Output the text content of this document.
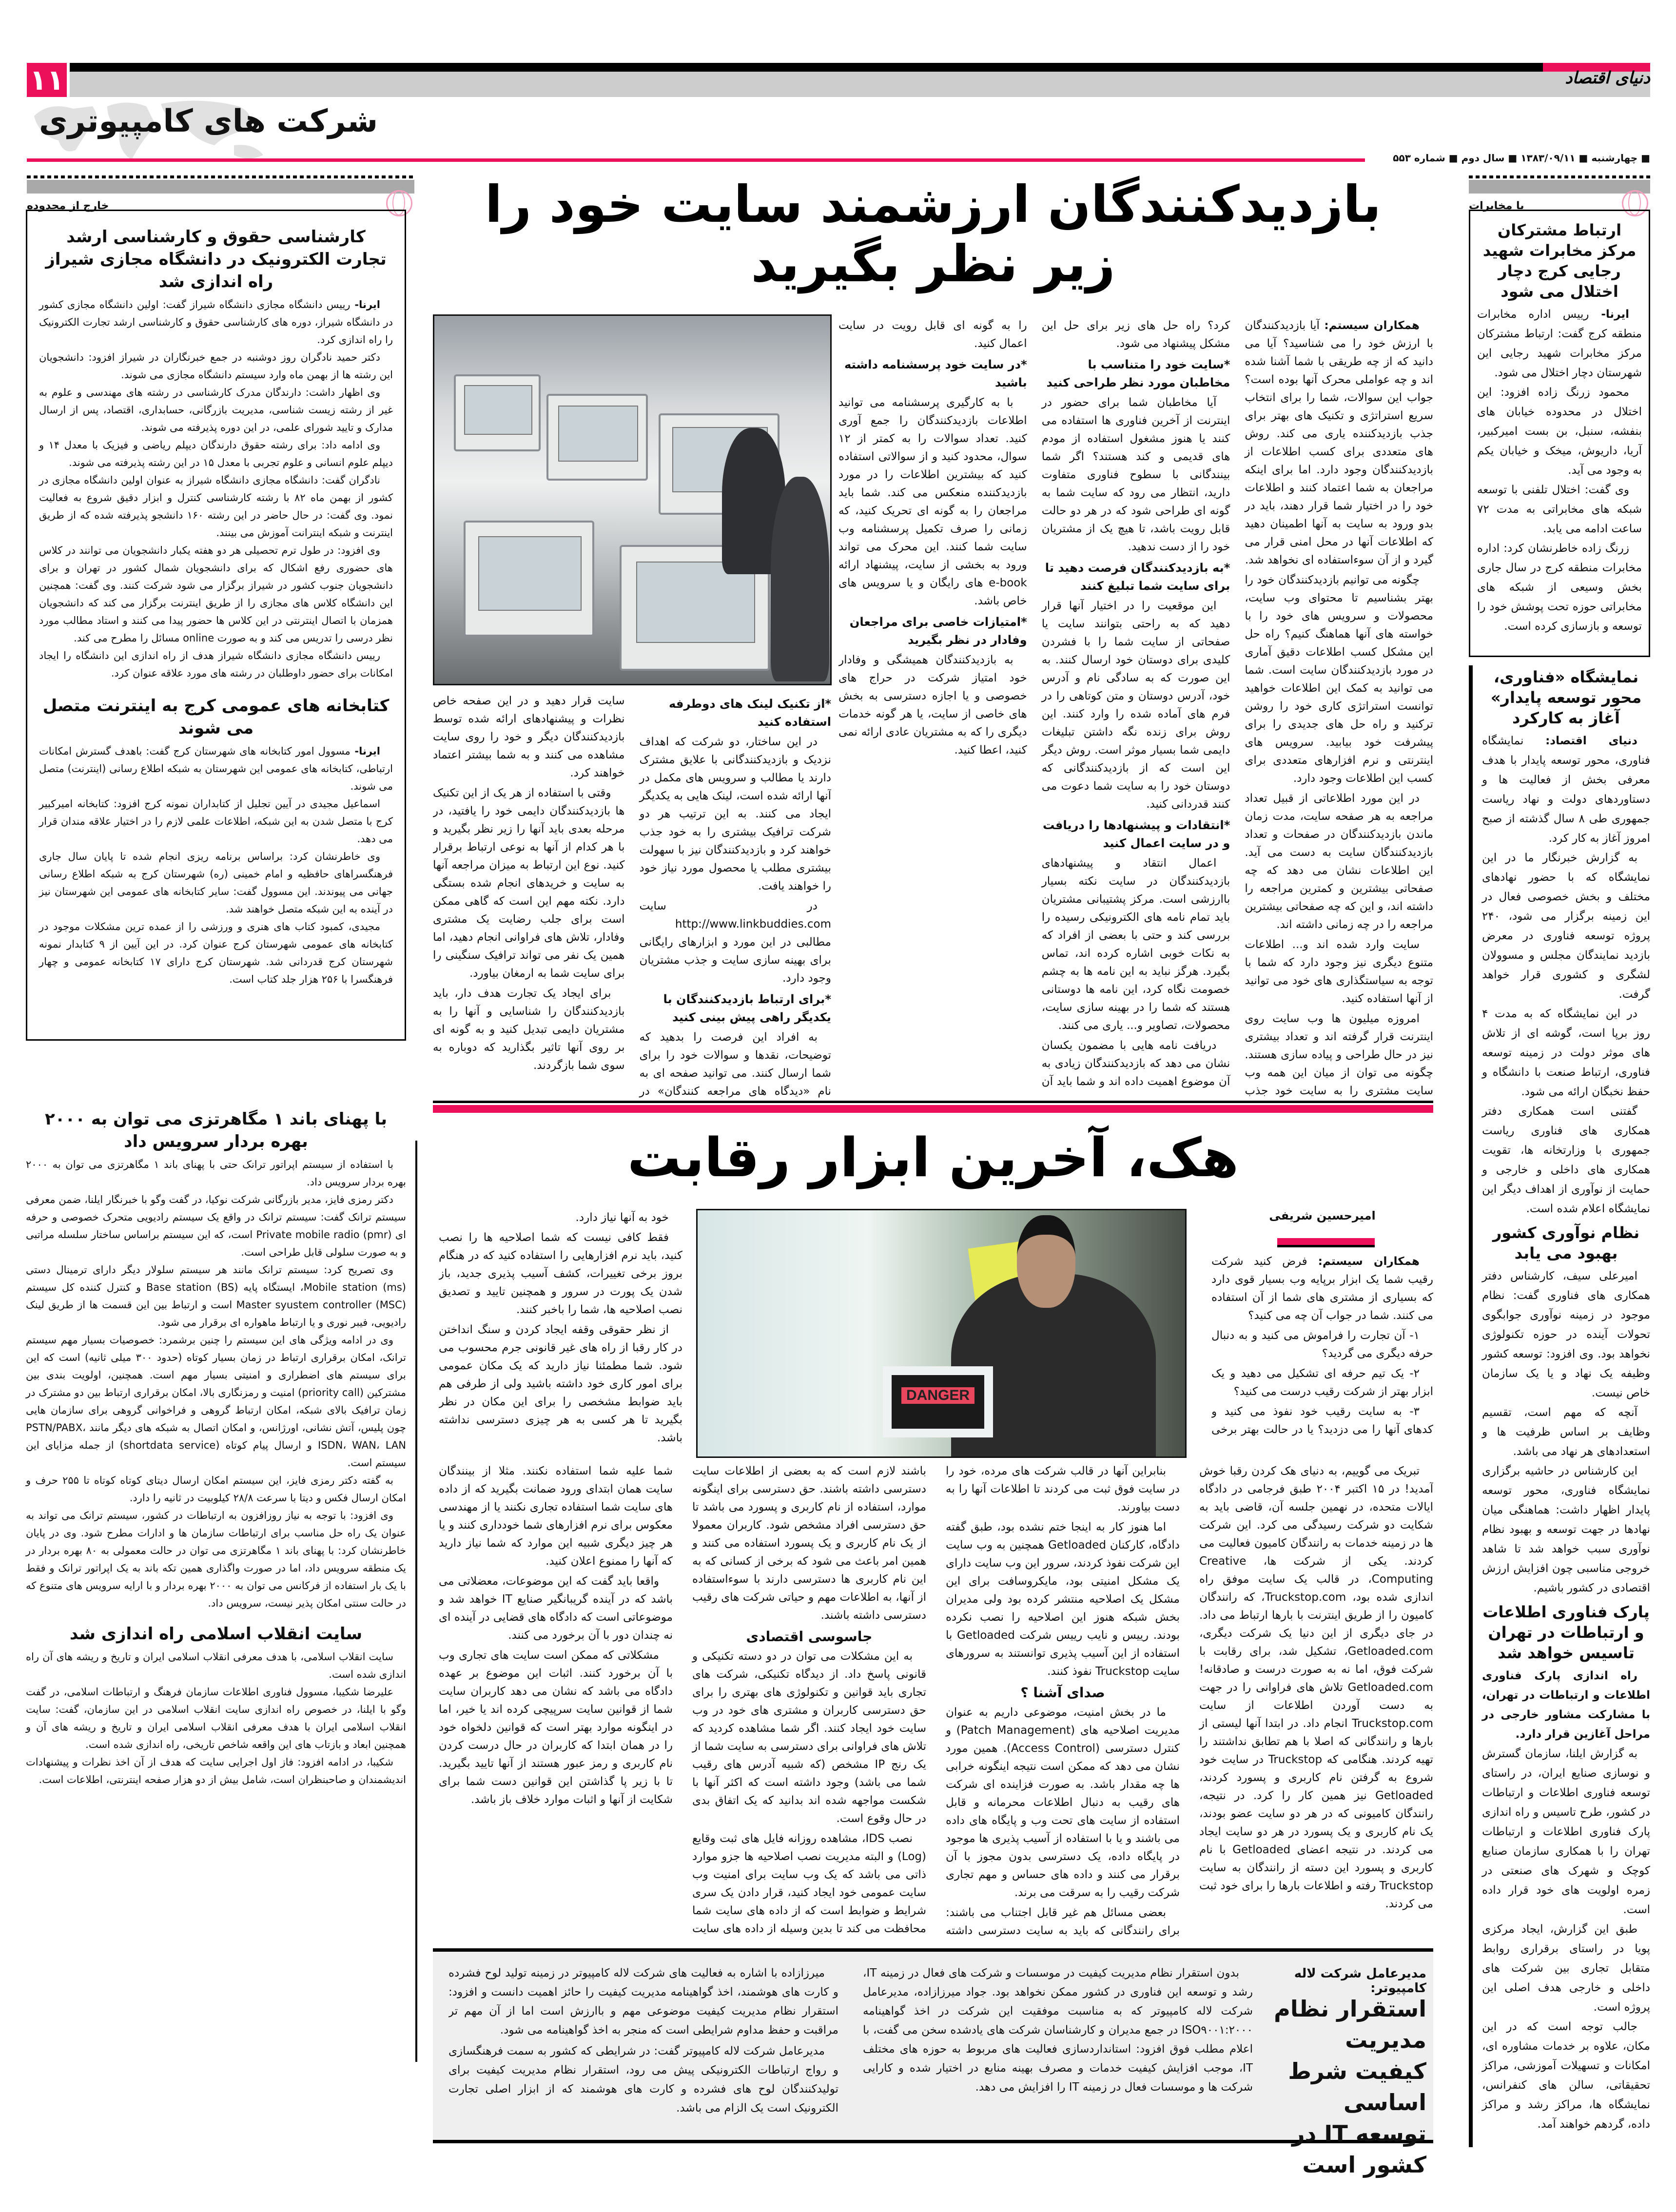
۱۱	دنیای اقتصاد
شرکت های کامپیوتری
■ چهارشنبه ■ ۱۳۸۳/۰۹/۱۱ ■ سال دوم ■ شماره ۵۵۳
خارج از محدوده	با مخابرات
بازدیدکنندگان ارزشمند سایت خود را
زیر نظر بگیرید

همکاران سیستم: آیا بازدیدکنندگان با ارزش خود را می شناسید؟ آیا می دانید که از چه طریقی با شما آشنا شده اند و چه عواملی محرک آنها بوده است؟ جواب این سوالات، شما را برای انتخاب سریع استراتژی و تکنیک های بهتر برای جذب بازدیدکننده یاری می کند. روش های متعددی برای کسب اطلاعات از بازدیدکنندگان وجود دارد. اما برای اینکه مراجعان به شما اعتماد کنند و اطلاعات خود را در اختیار شما قرار دهند، باید در بدو ورود به سایت به آنها اطمینان دهید که اطلاعات آنها در محل امنی قرار می گیرد و از آن سوءاستفاده ای نخواهد شد.

چگونه می توانیم بازدیدکنندگان خود را بهتر بشناسیم تا محتوای وب سایت، محصولات و سرویس های خود را با خواسته های آنها هماهنگ کنیم؟ راه حل این مشکل کسب اطلاعات دقیق آماری در مورد بازدیدکنندگان سایت است. شما می توانید به کمک این اطلاعات خواهید توانست استراتژی کاری خود را روشن ترکنید و راه حل های جدیدی را برای پیشرفت خود بیابید. سرویس های اینترنتی و نرم افزارهای متعددی برای کسب این اطلاعات وجود دارد.

در این مورد اطلاعاتی از قبیل تعداد مراجعه به هر صفحه سایت، مدت زمان ماندن بازدیدکنندگان در صفحات و تعداد بازدیدکنندگان سایت به دست می آید. این اطلاعات نشان می دهد که چه صفحاتی بیشترین و کمترین مراجعه را داشته اند، و این که چه صفحاتی بیشترین مراجعه را در چه زمانی داشته اند.

سایت وارد شده اند و... اطلاعات متنوع دیگری نیز وجود دارد که شما با توجه به سیاستگذاری های خود می توانید از آنها استفاده کنید.

امروزه میلیون ها وب سایت روی اینترنت قرار گرفته اند و تعداد بیشتری نیز در حال طراحی و پیاده سازی هستند. چگونه می توان از میان این همه وب سایت مشتری را به سایت خود جذب کرد؟ راه حل های زیر برای حل این مشکل پیشنهاد می شود.

*سایت خود را متناسب با مخاطبان مورد نظر طراحی کنید

آیا مخاطبان شما برای حضور در اینترنت از آخرین فناوری ها استفاده می کنند یا هنوز مشغول استفاده از مودم های قدیمی و کند هستند؟ اگر شما بینندگانی با سطوح فناوری متفاوت دارید، انتظار می رود که سایت شما به گونه ای طراحی شود که در هر دو حالت قابل رویت باشد، تا هیچ یک از مشتریان خود را از دست ندهید.

*به بازدیدکنندگان فرصت دهید تا برای سایت شما تبلیغ کنند

این موقعیت را در اختیار آنها قرار دهید که به راحتی بتوانند سایت یا صفحاتی از سایت شما را با فشردن کلیدی برای دوستان خود ارسال کنند. به این صورت که به سادگی نام و آدرس خود، آدرس دوستان و متن کوتاهی را در فرم های آماده شده را وارد کنند. این روش برای زنده نگه داشتن تبلیغات دایمی شما بسیار موثر است. روش دیگر این است که از بازدیدکنندگانی که دوستان خود را به سایت شما دعوت می کنند قدردانی کنید.

*انتقادات و پیشنهادها را دریافت و در سایت اعمال کنید

اعمال انتقاد و پیشنهادهای بازدیدکنندگان در سایت نکته بسیار باارزشی است. مرکز پشتیبانی مشتریان باید تمام نامه های الکترونیکی رسیده را بررسی کند و حتی با بعضی از افراد که به نکات خوبی اشاره کرده اند، تماس بگیرد. هرگز نباید به این نامه ها به چشم خصومت نگاه کرد، این نامه ها دوستانی هستند که شما را در بهینه سازی سایت، محصولات، تصاویر و... یاری می کنند.

دریافت نامه هایی با مضمون یکسان نشان می دهد که بازدیدکنندگان زیادی به آن موضوع اهمیت داده اند و شما باید آن را به گونه ای قابل رویت در سایت اعمال کنید.

*در سایت خود پرسشنامه داشته باشید

با به کارگیری پرسشنامه می توانید اطلاعات بازدیدکنندگان را جمع آوری کنید. تعداد سوالات را به کمتر از ۱۲ سوال، محدود کنید و از سوالاتی استفاده کنید که بیشترین اطلاعات را در مورد بازدیدکننده منعکس می کند. شما باید مراجعان را به گونه ای تحریک کنید، که زمانی را صرف تکمیل پرسشنامه وب سایت شما کنند. این محرک می تواند ورود به بخشی از سایت، پیشنهاد ارائه e-book های رایگان و یا سرویس های خاص باشد.

*امتیازات خاصی برای مراجعان وفادار در نظر بگیرید

به بازدیدکنندگان همیشگی و وفادار خود امتیاز شرکت در حراج های خصوصی و یا اجازه دسترسی به بخش های خاصی از سایت، یا هر گونه خدمات دیگری را که به مشتریان عادی ارائه نمی کنید، اعطا کنید.

*از تکنیک لینک های دوطرفه استفاده کنید

در این ساختار، دو شرکت که اهداف نزدیک و بازدیدکنندگانی با علایق مشترک دارند یا مطالب و سرویس های مکمل در آنها ارائه شده است، لینک هایی به یکدیگر ایجاد می کنند. به این ترتیب هر دو شرکت ترافیک بیشتری را به خود جذب خواهند کرد و بازدیدکنندگان نیز با سهولت بیشتری مطلب یا محصول مورد نیاز خود را خواهند یافت.

در سایت http://www.linkbuddies.com مطالبی در این مورد و ابزارهای رایگانی برای بهینه سازی سایت و جذب مشتریان وجود دارد.

*برای ارتباط بازدیدکنندگان با یکدیگر راهی پیش بینی کنید

به افراد این فرصت را بدهید که توضیحات، نقدها و سوالات خود را برای شما ارسال کنند. می توانید صفحه ای به نام «دیدگاه های مراجعه کنندگان» در سایت قرار دهید و در این صفحه خاص نظرات و پیشنهادهای ارائه شده توسط بازدیدکنندگان دیگر و خود را روی سایت مشاهده می کنند و به شما بیشتر اعتماد خواهند کرد.

وقتی با استفاده از هر یک از این تکنیک ها بازدیدکنندگان دایمی خود را یافتید، در مرحله بعدی باید آنها را زیر نظر بگیرید و با هر کدام از آنها به نوعی ارتباط برقرار کنید. نوع این ارتباط به میزان مراجعه آنها به سایت و خریدهای انجام شده بستگی دارد. نکته مهم این است که گاهی ممکن است برای جلب رضایت یک مشتری وفادار، تلاش های فراوانی انجام دهید، اما همین یک نفر می تواند ترافیک سنگینی را برای سایت شما به ارمغان بیاورد.

برای ایجاد یک تجارت هدف دار، باید بازدیدکنندگان را شناسایی و آنها را به مشتریان دایمی تبدیل کنید و به گونه ای بر روی آنها تاثیر بگذارید که دوباره به سوی شما بازگردند.

هک، آخرین ابزار رقابت
امیرحسین شریفی

همکاران سیستم: فرض کنید شرکت رقیب شما یک ابزار برپایه وب بسیار قوی دارد که بسیاری از مشتری های شما از آن استفاده می کنند. شما در جواب آن چه می کنید؟

۱- آن تجارت را فراموش می کنید و به دنبال حرفه دیگری می گردید؟

۲- یک تیم حرفه ای تشکیل می دهید و یک ابزار بهتر از شرکت رقیب درست می کنید؟

۳- به سایت رقیب خود نفوذ می کنید و کدهای آنها را می دزدید؟ یا در حالت بهتر برخی

DANGER

خود به آنها نیاز دارد.

فقط کافی نیست که شما اصلاحیه ها را نصب کنید، باید نرم افزارهایی را استفاده کنید که در هنگام بروز برخی تغییرات، کشف آسیب پذیری جدید، باز شدن یک پورت در سرور و همچنین تایید و تصدیق نصب اصلاحیه ها، شما را باخبر کنند.

از نظر حقوقی وقفه ایجاد کردن و سنگ انداختن در کار رقبا از راه های غیر قانونی جرم محسوب می شود. شما مطمئنا نیاز دارید که یک مکان عمومی برای امور کاری خود داشته باشید ولی از طرفی هم باید ضوابط مشخصی را برای این مکان در نظر بگیرید تا هر کسی به هر چیزی دسترسی نداشته باشد.

تبریک می گوییم، به دنیای هک کردن رقبا خوش آمدید! در ۱۵ اکتبر ۲۰۰۴ طبق فرجامی در دادگاه ایالات متحده، در نهمین جلسه آن، قاضی باید به شکایت دو شرکت رسیدگی می کرد. این شرکت ها در زمینه خدمات به رانندگان کامیون فعالیت می کردند. یکی از شرکت ها، Creative Computing، در قالب یک سایت موفق راه اندازی شده بود، Truckstop.com، که رانندگان کامیون را از طریق اینترنت با بارها ارتباط می داد. در جای دیگری از این دنیا یک شرکت دیگری، Getloaded.com، تشکیل شد، برای رقابت با شرکت فوق، اما نه به صورت درست و صادقانه! Getloaded.com تلاش های فراوانی را در جهت به دست آوردن اطلاعات از سایت Truckstop.com انجام داد. در ابتدا آنها لیستی از بارها و رانندگانی که اصلا با هم تطابق نداشتند را تهیه کردند. هنگامی که Truckstop در سایت خود شروع به گرفتن نام کاربری و پسورد کردند، Getloaded نیز همین کار را کرد. در نتیجه، رانندگان کامیونی که در هر دو سایت عضو بودند، یک نام کاربری و یک پسورد در هر دو سایت ایجاد می کردند. در نتیجه اعضای Getloaded با نام کاربری و پسورد این دسته از رانندگان به سایت Truckstop رفته و اطلاعات بارها را برای خود ثبت می کردند.

بنابراین آنها در قالب شرکت های مرده، خود را در سایت فوق ثبت می کردند تا اطلاعات آنها را به دست بیاورند.

اما هنوز کار به اینجا ختم نشده بود، طبق گفته دادگاه، کارکنان Getloaded همچنین به وب سایت این شرکت نفوذ کردند، سرور این وب سایت دارای یک مشکل امنیتی بود، مایکروسافت برای این مشکل یک اصلاحیه منتشر کرده بود ولی مدیران بخش شبکه هنوز این اصلاحیه را نصب نکرده بودند. رییس و نایب رییس شرکت Getloaded با استفاده از این آسیب پذیری توانستند به سرورهای سایت Truckstop نفوذ کنند.

صدای آشنا ؟

ما در بخش امنیت، موضوعی داریم به عنوان مدیریت اصلاحیه های (Patch Management) و کنترل دسترسی (Access Control). همین مورد نشان می دهد که ممکن است نتیجه اینگونه خرابی ها چه مقدار باشد. به صورت فزاینده ای شرکت های رقیب به دنبال اطلاعات محرمانه و قابل استفاده از سایت های تحت وب و پایگاه های داده می باشند و یا با استفاده از آسیب پذیری ها موجود در پایگاه داده، یک دسترسی بدون مجوز با آن برقرار می کنند و داده های حساس و مهم تجاری شرکت رقیب را به سرقت می برند.

بعضی مسائل هم غیر قابل اجتناب می باشند: برای رانندگانی که باید به سایت دسترسی داشته باشند لازم است که به بعضی از اطلاعات سایت دسترسی داشته باشند. حق دسترسی برای اینگونه موارد، استفاده از نام کاربری و پسورد می باشد تا حق دسترسی افراد مشخص شود. کاربران معمولا از یک نام کاربری و یک پسورد استفاده می کنند و همین امر باعث می شود که برخی از کسانی که به این نام کاربری ها دسترسی دارند با سوءاستفاده از آنها، به اطلاعات مهم و حیاتی شرکت های رقیب دسترسی داشته باشند.

جاسوسی اقتصادی

به این مشکلات می توان در دو دسته تکنیکی و قانونی پاسخ داد. از دیدگاه تکنیکی، شرکت های تجاری باید قوانین و تکنولوژی های بهتری را برای حق دسترسی کاربران و مشتری های خود در وب سایت خود ایجاد کنند. اگر شما مشاهده کردید که تلاش های فراوانی برای دسترسی به سایت شما از یک رنج IP مشخص (که شبیه آدرس های رقیب شما می باشد) وجود داشته است که اکثر آنها با شکست مواجهه شده اند بدانید که یک اتفاق بدی در حال وقوع است.

نصب IDS، مشاهده روزانه فایل های ثبت وقایع (Log) و البته مدیریت نصب اصلاحیه ها جزو موارد ذاتی می باشد که یک وب سایت برای امنیت وب سایت عمومی خود ایجاد کنید، قرار دادن یک سری شرایط و ضوابط است که از داده های سایت شما محافظت می کند تا بدین وسیله از داده های سایت شما علیه شما استفاده نکنند. مثلا از بینندگان سایت همان ابتدای ورود ضمانت بگیرید که از داده های سایت شما استفاده تجاری نکنند یا از مهندسی معکوس برای نرم افزارهای شما خودداری کنند و یا هر چیز دیگری شبیه این موارد که شما نیاز دارید که آنها را ممنوع اعلان کنید.

واقعا باید گفت که این موضوعات، معضلاتی می باشد که در آینده گریبانگیر صنایع IT خواهد شد و موضوعاتی است که دادگاه های قضایی در آینده ای نه چندان دور با آن برخورد می کنند.

مشکلاتی که ممکن است سایت های تجاری وب با آن برخورد کنند. اثبات این موضوع بر عهده دادگاه می باشد که نشان می دهد کاربران سایت شما از قوانین سایت سرپیچی کرده اند یا خیر، اما در اینگونه موارد بهتر است که قوانین دلخواه خود را در همان ابتدا که کاربران در حال درست کردن نام کاربری و رمز عبور هستند از آنها تایید بگیرید. تا با زیر پا گذاشتن این قوانین دست شما برای شکایت از آنها و اثبات موارد خلاف باز باشد.

مدیرعامل شرکت لاله کامپیوتر:
استقرار نظام مدیریت کیفیت شرط اساسی توسعه IT در کشور است

بدون استقرار نظام مدیریت کیفیت در موسسات و شرکت های فعال در زمینه IT، رشد و توسعه این فناوری در کشور ممکن نخواهد بود. جواد میرزازاده، مدیرعامل شرکت لاله کامپیوتر که به مناسبت موفقیت این شرکت در اخذ گواهینامه ISO۹۰۰۱:۲۰۰۰ در جمع مدیران و کارشناسان شرکت های یادشده سخن می گفت، با اعلام مطلب فوق افزود: استانداردسازی فعالیت های مربوط به حوزه های مختلف IT، موجب افزایش کیفیت خدمات و مصرف بهینه منابع در اختیار شده و کارایی شرکت ها و موسسات فعال در زمینه IT را افزایش می دهد.

میرزازاده با اشاره به فعالیت های شرکت لاله کامپیوتر در زمینه تولید لوح فشرده و کارت های هوشمند، اخذ گواهینامه مدیریت کیفیت را حائز اهمیت دانست و افزود: استقرار نظام مدیریت کیفیت موضوعی مهم و باارزش است اما از آن مهم تر مراقبت و حفظ مداوم شرایطی است که منجر به اخذ گواهینامه می شود.

مدیرعامل شرکت لاله کامپیوتر گفت: در شرایطی که کشور به سمت فرهنگسازی و رواج ارتباطات الکترونیکی پیش می رود، استقرار نظام مدیریت کیفیت برای تولیدکنندگان لوح های فشرده و کارت های هوشمند که از ابزار اصلی تجارت الکترونیک است یک الزام می باشد.

کارشناسی حقوق و کارشناسی ارشد تجارت الکترونیک در دانشگاه مجازی شیراز راه اندازی شد

ایرنا- رییس دانشگاه مجازی دانشگاه شیراز گفت: اولین دانشگاه مجازی کشور در دانشگاه شیراز، دوره های کارشناسی حقوق و کارشناسی ارشد تجارت الکترونیک را راه اندازی کرد.

دکتر حمید نادگران روز دوشنبه در جمع خبرنگاران در شیراز افزود: دانشجویان این رشته ها از بهمن ماه وارد سیستم دانشگاه مجازی می شوند.

وی اظهار داشت: دارندگان مدرک کارشناسی در رشته های مهندسی و علوم به غیر از رشته زیست شناسی، مدیریت بازرگانی، حسابداری، اقتصاد، پس از ارسال مدارک و تایید شورای علمی، در این دوره پذیرفته می شوند.

وی ادامه داد: برای رشته حقوق دارندگان دیپلم ریاضی و فیزیک با معدل ۱۴ و دیپلم علوم انسانی و علوم تجربی با معدل ۱۵ در این رشته پذیرفته می شوند.

نادگران گفت: دانشگاه مجازی دانشگاه شیراز به عنوان اولین دانشگاه مجازی در کشور از بهمن ماه ۸۲ با رشته کارشناسی کنترل و ابزار دقیق شروع به فعالیت نمود. وی گفت: در حال حاضر در این رشته ۱۶۰ دانشجو پذیرفته شده که از طریق اینترنت و شبکه اینترانت آموزش می بینند.

وی افزود: در طول ترم تحصیلی هر دو هفته یکبار دانشجویان می توانند در کلاس های حضوری رفع اشکال که برای دانشجویان شمال کشور در تهران و برای دانشجویان جنوب کشور در شیراز برگزار می شود شرکت کنند. وی گفت: همچنین این دانشگاه کلاس های مجازی را از طریق اینترنت برگزار می کند که دانشجویان همزمان با اتصال اینترنتی در این کلاس ها حضور پیدا می کنند و استاد مطالب مورد نظر درسی را تدریس می کند و به صورت online مسائل را مطرح می کند.

رییس دانشگاه مجازی دانشگاه شیراز هدف از راه اندازی این دانشگاه را ایجاد امکانات برای حضور داوطلبان در رشته های مورد علاقه عنوان کرد.

کتابخانه های عمومی کرج به اینترنت متصل می شوند

ایرنا- مسوول امور کتابخانه های شهرستان کرج گفت: باهدف گسترش امکانات ارتباطی، کتابخانه های عمومی این شهرستان به شبکه اطلاع رسانی (اینترنت) متصل می شوند.

اسماعیل مجیدی در آیین تجلیل از کتابداران نمونه کرج افزود: کتابخانه امیرکبیر کرج با متصل شدن به این شبکه، اطلاعات علمی لازم را در اختیار علاقه مندان قرار می دهد.

وی خاطرنشان کرد: براساس برنامه ریزی انجام شده تا پایان سال جاری فرهنگسراهای حافظیه و امام خمینی (ره) شهرستان کرج به شبکه اطلاع رسانی جهانی می پیوندند. این مسوول گفت: سایر کتابخانه های عمومی این شهرستان نیز در آینده به این شبکه متصل خواهند شد.

مجیدی، کمبود کتاب های هنری و ورزشی را از عمده ترین مشکلات موجود در کتابخانه های عمومی شهرستان کرج عنوان کرد. در این آیین از ۹ کتابدار نمونه شهرستان کرج قدردانی شد. شهرستان کرج دارای ۱۷ کتابخانه عمومی و چهار فرهنگسرا با ۲۵۶ هزار جلد کتاب است.

با پهنای باند ۱ مگاهرتزی می توان به ۲۰۰۰ بهره بردار سرویس داد

با استفاده از سیستم اپراتور ترانک حتی با پهنای باند ۱ مگاهرتزی می توان به ۲۰۰۰ بهره بردار سرویس داد.

دکتر رمزی فایز، مدیر بازرگانی شرکت نوکیا، در گفت وگو با خبرنگار ایلنا، ضمن معرفی سیستم ترانک گفت: سیستم ترانک در واقع یک سیستم رادیویی متحرک خصوصی و حرفه ای Private mobile radio (pmr) است، که این سیستم براساس ساختار سلسله مراتبی و به صورت سلولی قابل طراحی است.

وی تصریح کرد: سیستم ترانک مانند هر سیستم سلولار دیگر دارای ترمینال دستی Mobile station (ms)، ایستگاه پایه Base station (BS) و کنترل کننده کل سیستم Master syustem controller (MSC) است و ارتباط بین این قسمت ها از طریق لینک رادیویی، فیبر نوری و یا ارتباط ماهواره ای برقرار می شود.

وی در ادامه ویژگی های این سیستم را چنین برشمرد: خصوصیات بسیار مهم سیستم ترانک، امکان برقراری ارتباط در زمان بسیار کوتاه (حدود ۳۰۰ میلی ثانیه) است که این برای سیستم های اضطراری و امنیتی بسیار مهم است. همچنین، اولویت بندی بین مشترکین (priority call) امنیت و رمزنگاری بالا، امکان برقراری ارتباط بین دو مشترک در زمان ترافیک بالای شبکه، امکان ارتباط گروهی و فراخوانی گروهی برای سازمان هایی چون پلیس، آتش نشانی، اورژانس، و امکان اتصال به شبکه های دیگر مانند PSTN/PABX، ISDN، WAN، LAN و ارسال پیام کوتاه (shortdata service) از جمله مزایای این سیستم است.

به گفته دکتر رمزی فایز، این سیستم امکان ارسال دیتای کوتاه کوتاه تا ۲۵۵ حرف و امکان ارسال فکس و دیتا با سرعت ۲۸/۸ کیلوبیت در ثانیه را دارد.

وی افزود: با توجه به نیاز روزافزون به ارتباطات در کشور، سیستم ترانک می تواند به عنوان یک راه حل مناسب برای ارتباطات سازمان ها و ادارات مطرح شود. وی در پایان خاطرنشان کرد: با پهنای باند ۱ مگاهرتزی می توان در حالت معمولی به ۸۰ بهره بردار در یک منطقه سرویس داد، اما در صورت واگذاری همین تکه باند به یک اپراتور ترانک و فقط با یک بار استفاده از فرکانس می توان به ۲۰۰۰ بهره بردار و با ارایه سرویس های متنوع که در حالت سنتی امکان پذیر نیست، سرویس داد.

سایت انقلاب اسلامی راه اندازی شد

سایت انقلاب اسلامی، با هدف معرفی انقلاب اسلامی ایران و تاریخ و ریشه های آن راه اندازی شده است.

علیرضا شکیبا، مسوول فناوری اطلاعات سازمان فرهنگ و ارتباطات اسلامی، در گفت وگو با ایلنا، در خصوص راه اندازی سایت انقلاب اسلامی در این سازمان، گفت: سایت انقلاب اسلامی ایران با هدف معرفی انقلاب اسلامی ایران و تاریخ و ریشه های آن و همچنین ابعاد و بازتاب های این واقعه شاخص تاریخی، راه اندازی شده است.

شکیبا، در ادامه افزود: فاز اول اجرایی سایت که هدف از آن اخذ نظرات و پیشنهادات اندیشمندان و صاحبنظران است، شامل بیش از دو هزار صفحه اینترنتی، اطلاعات است.

ارتباط مشترکان مرکز مخابرات شهید رجایی کرج دچار اختلال می شود

ایرنا- رییس اداره مخابرات منطقه کرج گفت: ارتباط مشترکان مرکز مخابرات شهید رجایی این شهرستان دچار اختلال می شود.

محمود زرنگ زاده افزود: این اختلال در محدوده خیابان های بنفشه، سنبل، بن بست امیرکبیر، آریا، داریوش، میخک و خیابان یکم به وجود می آید.

وی گفت: اختلال تلفنی با توسعه شبکه های مخابراتی به مدت ۷۲ ساعت ادامه می یابد.

زرنگ زاده خاطرنشان کرد: اداره مخابرات منطقه کرج در سال جاری بخش وسیعی از شبکه های مخابراتی حوزه تحت پوشش خود را توسعه و بازسازی کرده است.

نمایشگاه «فناوری، محور توسعه پایدار» آغاز به کارکرد

دنیای اقتصاد: نمایشگاه فناوری، محور توسعه پایدار با هدف معرفی بخش از فعالیت ها و دستاوردهای دولت و نهاد ریاست جمهوری طی ۸ سال گذشته از صبح امروز آغاز به کار کرد.

به گزارش خبرنگار ما در این نمایشگاه که با حضور نهادهای مختلف و بخش خصوصی فعال در این زمینه برگزار می شود، ۲۴۰ پروژه توسعه فناوری در معرض بازدید نمایندگان مجلس و مسوولان لشگری و کشوری قرار خواهد گرفت.

در این نمایشگاه که به مدت ۴ روز برپا است، گوشه ای از تلاش های موثر دولت در زمینه توسعه فناوری، ارتباط صنعت با دانشگاه و حفظ نخبگان ارائه می شود.

گفتنی است همکاری دفتر همکاری های فناوری ریاست جمهوری با وزارتخانه ها، تقویت همکاری های داخلی و خارجی و حمایت از نوآوری از اهداف دیگر این نمایشگاه اعلام شده است.

نظام نوآوری کشور بهبود می یابد

امیرعلی سیف، کارشناس دفتر همکاری های فناوری گفت: نظام موجود در زمینه نوآوری جوابگوی تحولات آینده در حوزه تکنولوژی نخواهد بود. وی افزود: توسعه کشور وظیفه یک نهاد و یا یک سازمان خاص نیست.

آنچه که مهم است، تقسیم وظایف بر اساس ظرفیت ها و استعدادهای هر نهاد می باشد.

این کارشناس در حاشیه برگزاری نمایشگاه فناوری، محور توسعه پایدار اظهار داشت: هماهنگی میان نهادها در جهت توسعه و بهبود نظام نوآوری سبب خواهد شد تا شاهد خروجی مناسبی چون افزایش ارزش اقتصادی در کشور باشیم.

پارک فناوری اطلاعات و ارتباطات در تهران تاسیس خواهد شد

راه اندازی پارک فناوری اطلاعات و ارتباطات در تهران، با مشارکت مشاور خارجی در مراحل آغازین قرار دارد.

به گزارش ایلنا، سازمان گسترش و نوسازی صنایع ایران، در راستای توسعه فناوری اطلاعات و ارتباطات در کشور، طرح تاسیس و راه اندازی پارک فناوری اطلاعات و ارتباطات تهران را با همکاری سازمان صنایع کوچک و شهرک های صنعتی در زمره اولویت های خود قرار داده است.

طبق این گزارش، ایجاد مرکزی پویا در راستای برقراری روابط متقابل تجاری بین شرکت های داخلی و خارجی هدف اصلی این پروژه است.

جالب توجه است که در این مکان، علاوه بر خدمات مشاوره ای، امکانات و تسهیلات آموزشی، مراکز تحقیقاتی، سالن های کنفرانس، نمایشگاه ها، مراکز رشد و مراکز داده، گردهم خواهند آمد.
